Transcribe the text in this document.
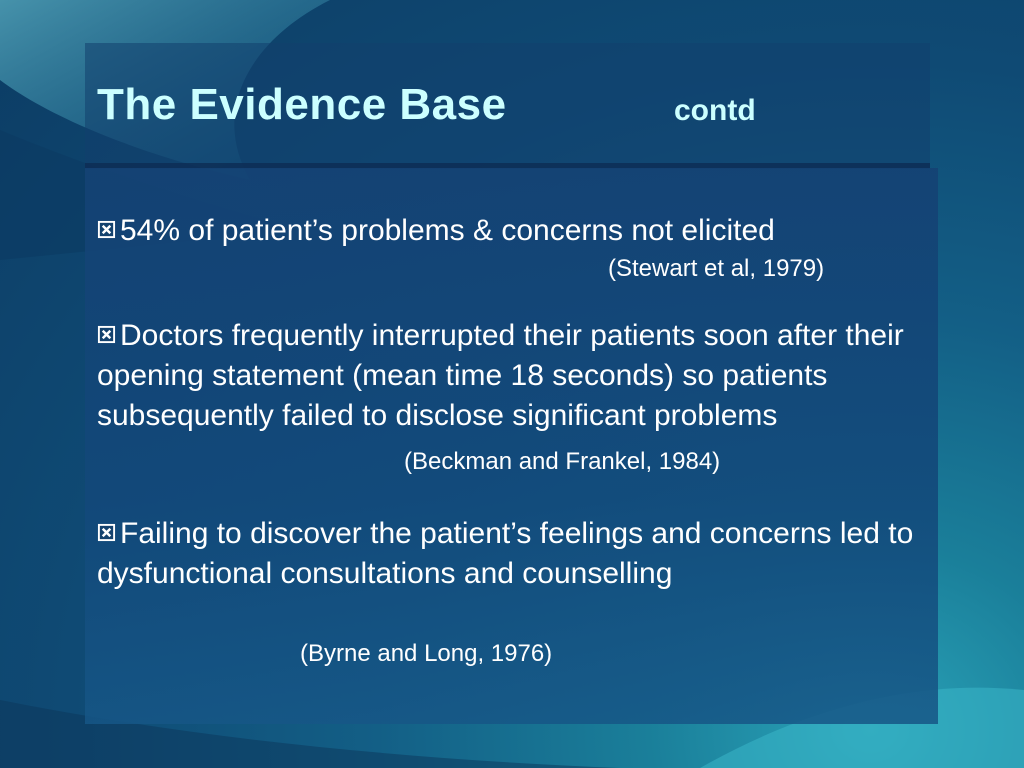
The Evidence Base	contd
54% of patient’s problems & concerns not elicited
(Stewart et al, 1979)
Doctors frequently interrupted their patients soon after their opening statement (mean time 18 seconds) so patients subsequently failed to disclose significant problems
(Beckman and Frankel, 1984)
Failing to discover the patient’s feelings and concerns led to dysfunctional consultations and counselling
(Byrne and Long, 1976)
